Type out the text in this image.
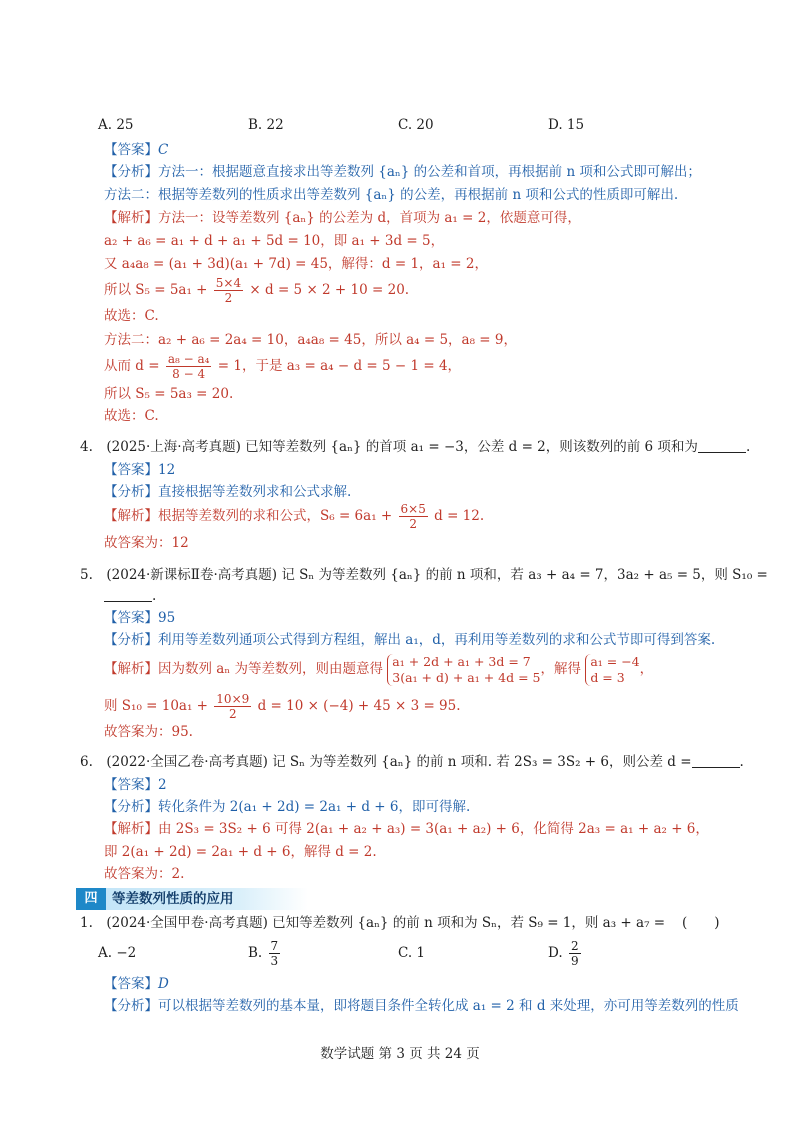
A. 25	B. 22	C. 20	D. 15
【答案】C
【分析】方法一：根据题意直接求出等差数列 {aₙ} 的公差和首项，再根据前 n 项和公式即可解出；
方法二：根据等差数列的性质求出等差数列 {aₙ} 的公差，再根据前 n 项和公式的性质即可解出.
【解析】方法一：设等差数列 {aₙ} 的公差为 d，首项为 a₁ = 2，依题意可得，
a₂ + a₆ = a₁ + d + a₁ + 5d = 10，即 a₁ + 3d = 5，
又 a₄a₈ = (a₁ + 3d)(a₁ + 7d) = 45，解得：d = 1，a₁ = 2，
所以 $S_5 = 5a_1 + \frac{5\times 4}{2} \times d = 5 \times 2 + 10 = 20$.
故选：C.
方法二：a₂ + a₆ = 2a₄ = 10，a₄a₈ = 45，所以 a₄ = 5，a₈ = 9，
从而 $d = \frac{\text{a₈ − a₄}}{8 - 4} = 1$，于是 a₃ = a₄ − d = 5 − 1 = 4，
所以 S₅ = 5a₃ = 20.
故选：C.
4.　(2025·上海·高考真题) 已知等差数列 {aₙ} 的首项 a₁ = −3，公差 d = 2，则该数列的前 6 项和为	.
【答案】12
【分析】直接根据等差数列求和公式求解.
【解析】根据等差数列的求和公式，$S_6 = 6a_1 + \frac{6\times 5}{2}$ d = 12.
故答案为：12
5.　(2024·新课标Ⅱ卷·高考真题) 记 Sₙ 为等差数列 {aₙ} 的前 n 项和，若 a₃ + a₄ = 7，3a₂ + a₅ = 5，则 S₁₀ =
.
【答案】95
【分析】利用等差数列通项公式得到方程组，解出 a₁，d，再利用等差数列的求和公式节即可得到答案.
【解析】因为数列 aₙ 为等差数列，则由题意得 a₁ + 2d + a₁ + 3d = 7
3(a₁ + d) + a₁ + 4d = 5 ，解得 a₁ = −4
d = 3	，
则 $S_{10} = 10a_1 + \frac{10\times 9}{2}$ d = 10 × (−4) + 45 × 3 = 95.
故答案为：95.
6.　(2022·全国乙卷·高考真题) 记 Sₙ 为等差数列 {aₙ} 的前 n 项和. 若 2S₃ = 3S₂ + 6，则公差 d =	.
【答案】2
【分析】转化条件为 2(a₁ + 2d) = 2a₁ + d + 6，即可得解.
【解析】由 2S₃ = 3S₂ + 6 可得 2(a₁ + a₂ + a₃) = 3(a₁ + a₂) + 6，化简得 2a₃ = a₁ + a₂ + 6，
即 2(a₁ + 2d) = 2a₁ + d + 6，解得 d = 2.
故答案为：2.
四	等差数列性质的应用
1.　(2024·全国甲卷·高考真题) 已知等差数列 {aₙ} 的前 n 项和为 Sₙ，若 S₉ = 1，则 a₃ + a₇ = (　　)
A. −2	B. $\frac{7}{3}$	C. 1	D. $\frac{2}{9}$
【答案】D
【分析】可以根据等差数列的基本量，即将题目条件全转化成 a₁ = 2 和 d 来处理，亦可用等差数列的性质
数学试题 第 3 页 共 24 页
